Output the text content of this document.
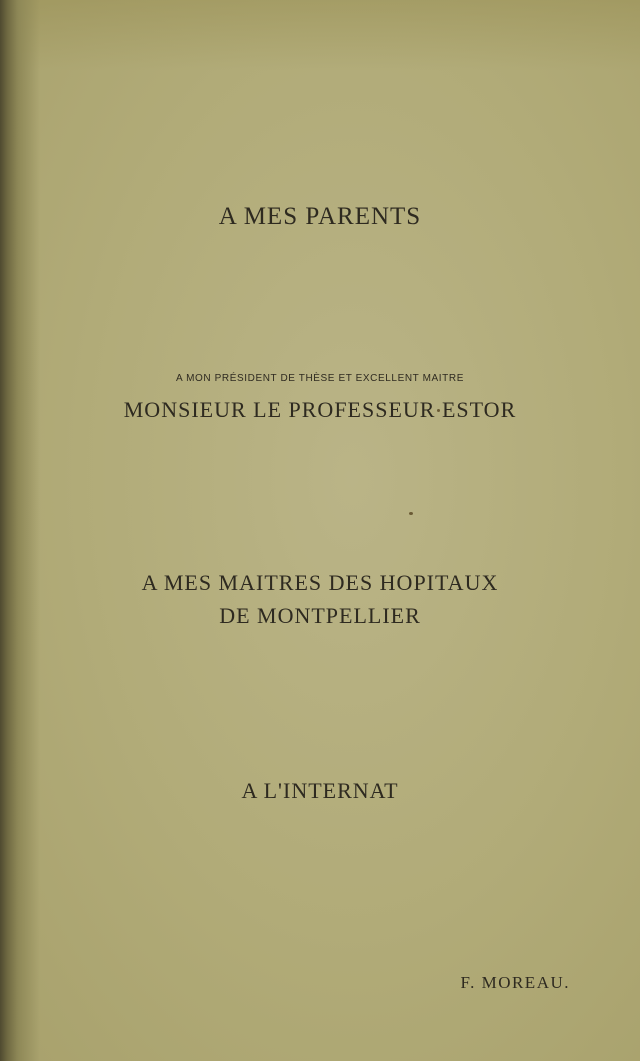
A MES PARENTS

A MON PRÉSIDENT DE THÈSE ET EXCELLENT MAITRE

MONSIEUR LE PROFESSEUR ESTOR

A MES MAITRES DES HOPITAUX

DE MONTPELLIER

A L'INTERNAT

F. MOREAU.
